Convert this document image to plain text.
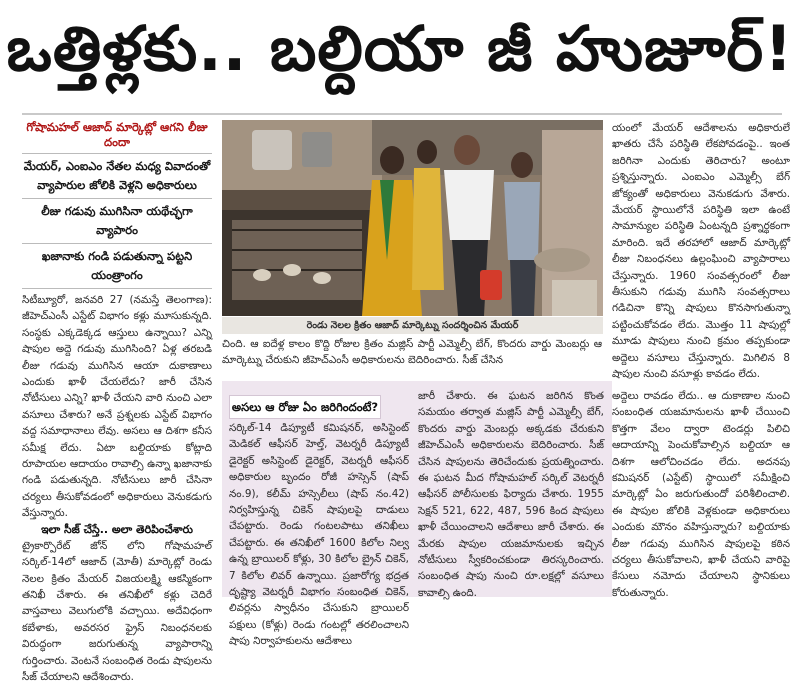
ఒత్తిళ్లకు.. బల్దియా జీ హుజూర్!

గోషామహల్ ఆజాద్ మార్కెట్లో ఆగని లీజు దందా

మేయర్, ఎంఐఎం నేతల మధ్య వివాదంతో వ్యాపారుల జోలికి వెళ్లని అధికారులు

లీజు గడువు ముగిసినా యథేచ్ఛగా వ్యాపారం

ఖజానాకు గండి పడుతున్నా పట్టని యంత్రాంగం

సిటీబ్యూరో, జనవరి 27 (నమస్తే తెలంగాణ): జీహెచ్ఎంసీ ఎస్టేట్ విభాగం కళ్లు మూసుకున్నది. సంస్థకు ఎక్కడెక్కడ ఆస్తులు ఉన్నాయి? ఎన్ని షాపుల అద్దె గడువు ముగిసింది? ఏళ్ల తరబడి లీజు గడువు ముగిసిన ఆయా దుకాణాలు ఎందుకు ఖాళీ చేయలేదు? జారీ చేసిన నోటీసులు ఎన్ని? ఖాళీ చేయని వారి నుంచి ఎలా వసూలు చేశారు? అనే ప్రశ్నలకు ఎస్టేట్ విభాగం వద్ద సమాధానాలు లేవు. అసలు ఆ దిశగా కనీస సమీక్ష లేదు. ఏటా బల్దియాకు కోట్లాది రూపాయల ఆదాయం రావాల్సి ఉన్నా ఖజానాకు గండి పడుతున్నది. నోటీసులు జారీ చేసినా చర్యలు తీసుకోవడంలో అధికారులు వెనుకడుగు వేస్తున్నారు.

ఇలా సీజ్ చేస్తే.. అలా తెరిపించేశారు

ట్రైకార్పొరేట్ జోన్ లోని గోషామహల్ సర్కిల్-14లో ఆజాద్ (మోతీ) మార్కెట్లో రెండు నెలల క్రితం మేయర్ విజయలక్ష్మి ఆకస్మికంగా తనిఖీ చేశారు. ఈ తనిఖీలో కళ్లు చెదిరే వాస్తవాలు వెలుగులోకి వచ్చాయి. అదేవిధంగా కబేళాకు, అవరసర ఫ్రైస్ నిబంధనలకు విరుద్ధంగా జరుగుతున్న వ్యాపారాన్ని గుర్తించారు. వెంటనే సంబంధిత రెండు షాపులను సీజ్ చేయాలని ఆదేశించారు.

రెండు నెలల క్రితం ఆజాద్ మార్కెట్ను సందర్శించిన మేయర్

చింది. ఆ ఐదేళ్ల కాలం కొద్ది రోజుల క్రితం మజ్లిస్ పార్టీ ఎమ్మెల్సీ బేగ్, కొందరు వార్డు మెంబర్లు ఆ మార్కెట్ను చేరుకుని జీహెచ్ఎంసీ అధికారులను బెదిరించారు. సీజ్ చేసిన

అసలు ఆ రోజు ఏం జరిగిందంటే?

సర్కిల్-14 డిప్యూటీ కమిషనర్, అసిస్టెంట్ మెడికల్ ఆఫీసర్ హెల్త్, వెటర్నరీ డిప్యూటీ డైరెక్టర్ అసిస్టెంట్ డైరెక్టర్, వెటర్నరీ ఆఫీసర్ అధికారుల బృందం రోజీ హస్సెన్ (షాప్ నం.9), కలీమ్ హస్సెలీలు (షాప్ నం.42) నిర్వహిస్తున్న చికెన్ షాపులపై దాడులు చేపట్టారు. రెండు గంటలపాటు తనిఖీలు చేపట్టారు. ఈ తనిఖీలో 1600 కిలోల నిల్వ ఉన్న బ్రాయిలర్ కోళ్లు, 30 కిలోల బ్రైన్ చికెన్, 7 కిలోల లివర్ ఉన్నాయి. ప్రజారోగ్య భద్రత దృష్ట్యా వెటర్నరీ విభాగం సంబంధిత చికెన్, లివర్లను స్వాధీనం చేసుకుని బ్రాయిలర్ పక్షులు (కోళ్లు) రెండు గంటల్లో తరలించాలని షాపు నిర్వాహకులను ఆదేశాలు

జారీ చేశారు. ఈ ఘటన జరిగిన కొంత సమయం తర్వాత మజ్లిస్ పార్టీ ఎమ్మెల్సీ బేగ్, కొందరు వార్డు మెంబర్లు అక్కడకు చేరుకుని జీహెచ్ఎంసీ అధికారులను బెదిరించారు. సీజ్ చేసిన షాపులను తెరిచేందుకు ప్రయత్నించారు. ఈ ఘటన మీద గోషామహల్ సర్కిల్ వెటర్నరీ ఆఫీసర్ పోలీసులకు ఫిర్యాదు చేశారు. 1955 సెక్షన్ 521, 622, 487, 596 కింద షాపులు ఖాళీ చేయించాలని ఆదేశాలు జారీ చేశారు. ఈ మేరకు షాపుల యజమానులకు ఇచ్చిన నోటీసులు స్వీకరించకుండా తిరస్కరించారు. సంబంధిత షాపు నుంచి రూ.లక్షల్లో వసూలు కావాల్సి ఉంది.

యంలో మేయర్ ఆదేశాలను అధికారులే ఖాతరు చేసే పరిస్థితి లేకపోవడంపై.. ఇంత జరిగినా ఎందుకు తెరిచారు? అంటూ ప్రశ్నిస్తున్నారు. ఎంఐఎం ఎమ్మెల్సీ బేగ్ జోక్యంతో అధికారులు వెనుకడుగు వేశారు. మేయర్ స్థాయిలోనే పరిస్థితి ఇలా ఉంటే సామాన్యుల పరిస్థితి ఏంటన్నది ప్రశ్నార్థకంగా మారింది. ఇదే తరహాలో ఆజాద్ మార్కెట్లో లీజు నిబంధనలు ఉల్లంఘించి వ్యాపారాలు చేస్తున్నారు. 1960 సంవత్సరంలో లీజు తీసుకుని గడువు ముగిసి సంవత్సరాలు గడిచినా కొన్ని షాపులు కొనసాగుతున్నా పట్టించుకోవడం లేదు. మొత్తం 11 షాపుల్లో మూడు షాపులు నుంచి క్రమం తప్పకుండా అద్దెలు వసూలు చేస్తున్నారు. మిగిలిన 8 షాపుల నుంచి వసూళ్లు కావడం లేదు.

అద్దెలు రావడం లేదు.. ఆ దుకాణాల నుంచి సంబంధిత యజమానులను ఖాళీ చేయించి కొత్తగా వేలం ద్వారా టెండర్లు పిలిచి ఆదాయాన్ని పెంచుకోవాల్సిన బల్దియా ఆ దిశగా ఆలోచించడం లేదు. అదనపు కమిషనర్ (ఎస్టేట్) స్థాయిలో సమీక్షించి మార్కెట్లో ఏం జరుగుతుందో పరిశీలించాలి. ఈ షాపుల జోలికి వెళ్లకుండా అధికారులు ఎందుకు మౌనం వహిస్తున్నారు? బల్దియాకు లీజు గడువు ముగిసిన షాపులపై కఠిన చర్యలు తీసుకోవాలని, ఖాళీ చేయని వారిపై కేసులు నమోదు చేయాలని స్థానికులు కోరుతున్నారు.
